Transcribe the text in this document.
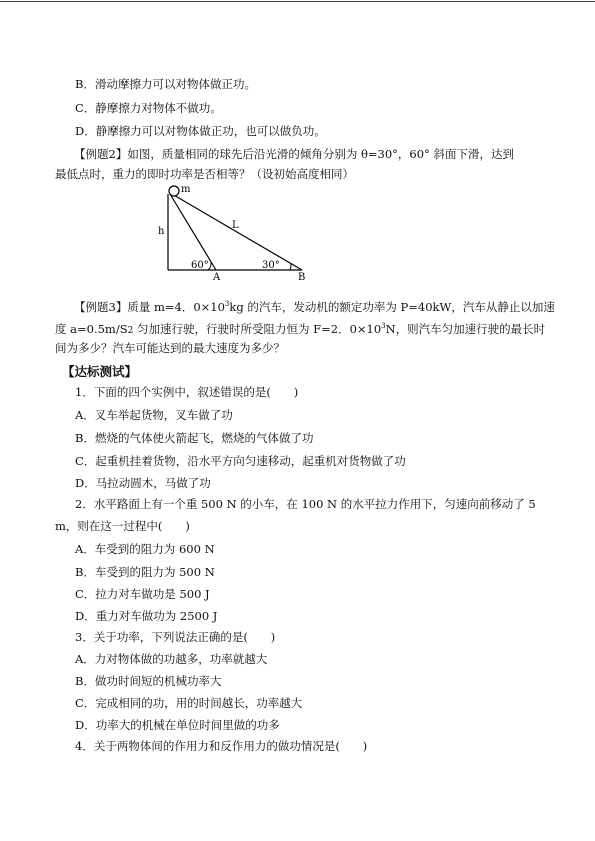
B．滑动摩擦力可以对物体做正功。
C．静摩擦力对物体不做功。
D．静摩擦力可以对物体做正功，也可以做负功。
【例题2】如图，质量相同的球先后沿光滑的倾角分别为 θ=30°，60° 斜面下滑，达到
最低点时，重力的即时功率是否相等？（设初始高度相同）
m
h
L
60°	30°
A	B
【例题3】质量 m=4．$0\times 10^3kg$ 的汽车，发动机的额定功率为 P=40kW，汽车从静止以加速
度 a=0.5m/S2 匀加速行驶，行驶时所受阻力恒为 F=2．$0\times 10^3N$，则汽车匀加速行驶的最长时
间为多少？汽车可能达到的最大速度为多少？
【达标测试】
1．下面的四个实例中，叙述错误的是(　　)
A．叉车举起货物，叉车做了功
B．燃烧的气体使火箭起飞，燃烧的气体做了功
C．起重机挂着货物，沿水平方向匀速移动，起重机对货物做了功
D．马拉动圆木，马做了功
2．水平路面上有一个重 500 N 的小车，在 100 N 的水平拉力作用下，匀速向前移动了 5
m，则在这一过程中(　　)
A．车受到的阻力为 600 N
B．车受到的阻力为 500 N
C．拉力对车做功是 500 J
D．重力对车做功为 2500 J
3．关于功率，下列说法正确的是(　　)
A．力对物体做的功越多，功率就越大
B．做功时间短的机械功率大
C．完成相同的功，用的时间越长，功率越大
D．功率大的机械在单位时间里做的功多
4．关于两物体间的作用力和反作用力的做功情况是(　　)
